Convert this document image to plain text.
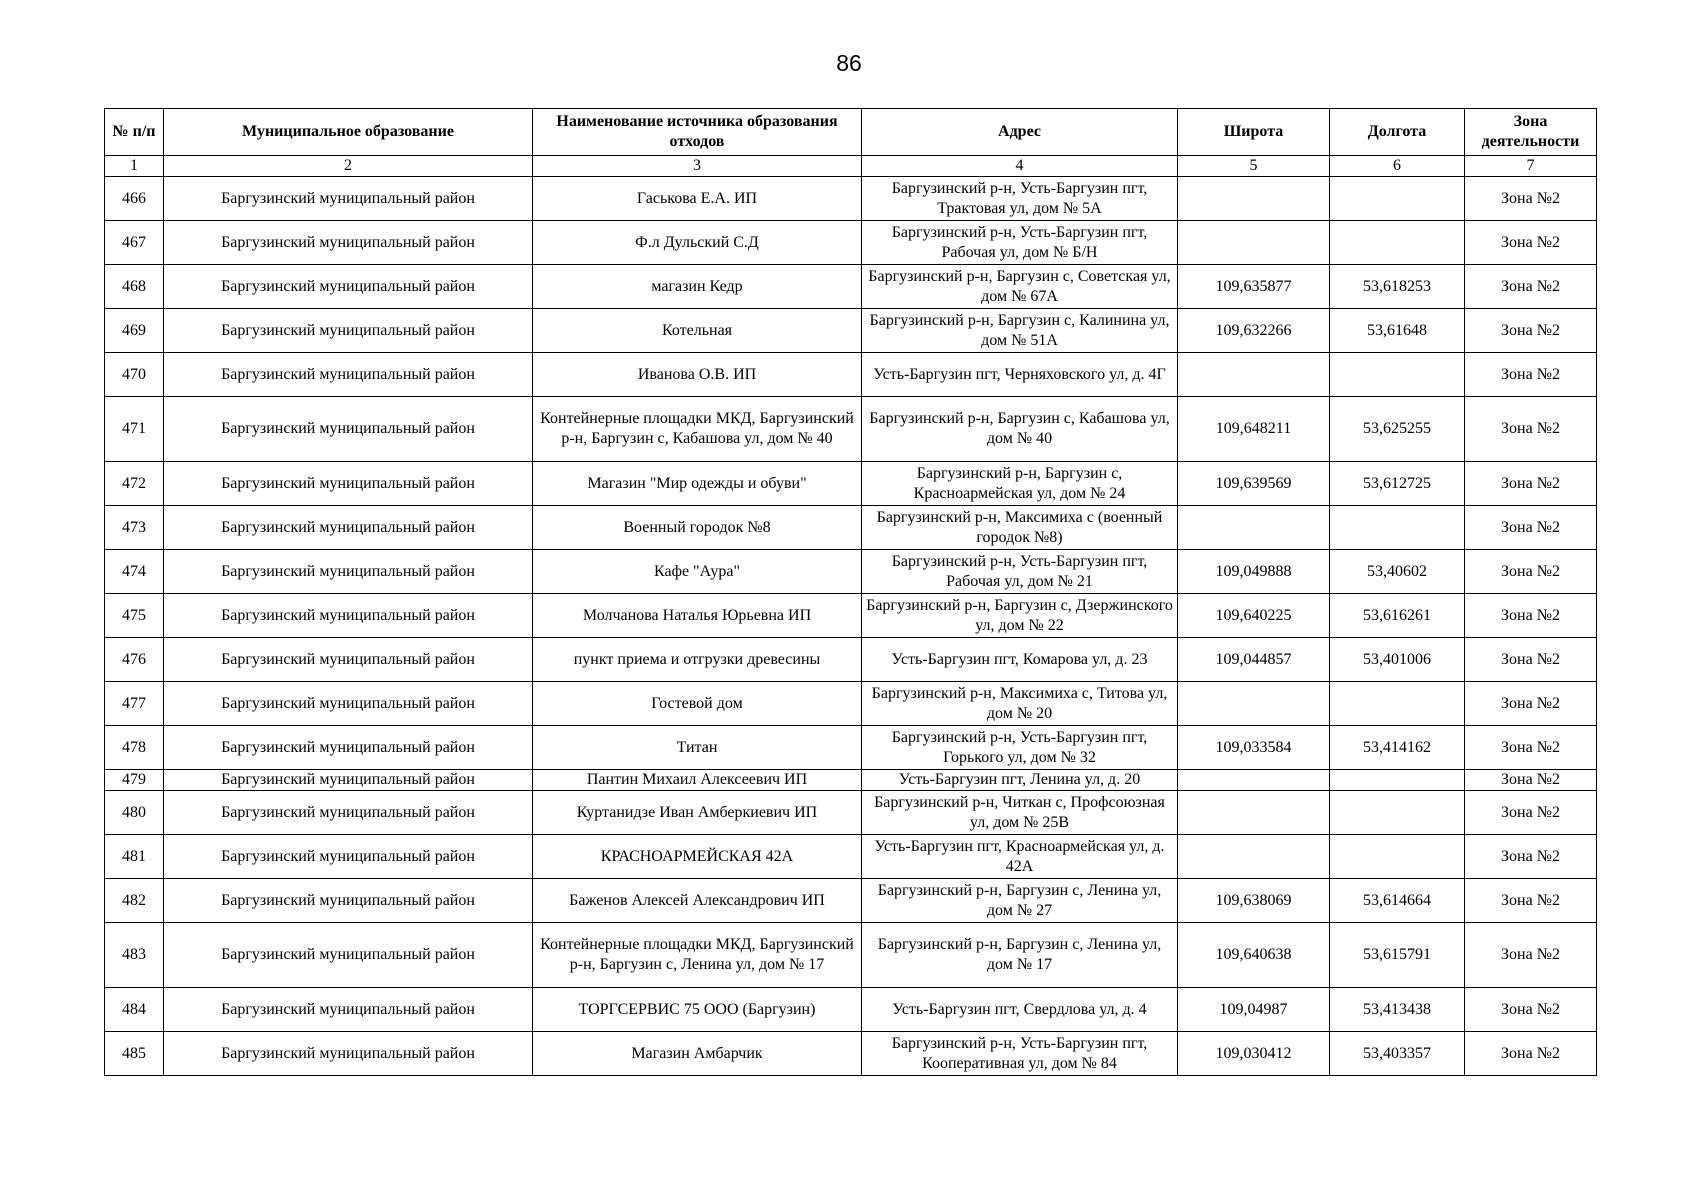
86
№ п/п	Муниципальное образование	Наименование источника образования отходов	Адрес	Широта	Долгота	Зона деятельности
1	2	3	4	5	6	7
466	Баргузинский муниципальный район	Гаськова Е.А. ИП	Баргузинский р-н, Усть-Баргузин пгт, Трактовая ул, дом № 5А			Зона №2
467	Баргузинский муниципальный район	Ф.л Дульский С.Д	Баргузинский р-н, Усть-Баргузин пгт, Рабочая ул, дом № Б/Н			Зона №2
468	Баргузинский муниципальный район	магазин Кедр	Баргузинский р-н, Баргузин с, Советская ул, дом № 67А	109,635877	53,618253	Зона №2
469	Баргузинский муниципальный район	Котельная	Баргузинский р-н, Баргузин с, Калинина ул, дом № 51А	109,632266	53,61648	Зона №2
470	Баргузинский муниципальный район	Иванова О.В. ИП	Усть-Баргузин пгт, Черняховского ул, д. 4Г			Зона №2
471	Баргузинский муниципальный район	Контейнерные площадки МКД, Баргузинский р-н, Баргузин с, Кабашова ул, дом № 40	Баргузинский р-н, Баргузин с, Кабашова ул, дом № 40	109,648211	53,625255	Зона №2
472	Баргузинский муниципальный район	Магазин "Мир одежды и обуви"	Баргузинский р-н, Баргузин с, Красноармейская ул, дом № 24	109,639569	53,612725	Зона №2
473	Баргузинский муниципальный район	Военный городок №8	Баргузинский р-н, Максимиха с (военный городок №8)			Зона №2
474	Баргузинский муниципальный район	Кафе "Аура"	Баргузинский р-н, Усть-Баргузин пгт, Рабочая ул, дом № 21	109,049888	53,40602	Зона №2
475	Баргузинский муниципальный район	Молчанова Наталья Юрьевна ИП	Баргузинский р-н, Баргузин с, Дзержинского ул, дом № 22	109,640225	53,616261	Зона №2
476	Баргузинский муниципальный район	пункт приема и отгрузки древесины	Усть-Баргузин пгт, Комарова ул, д. 23	109,044857	53,401006	Зона №2
477	Баргузинский муниципальный район	Гостевой дом	Баргузинский р-н, Максимиха с, Титова ул, дом № 20			Зона №2
478	Баргузинский муниципальный район	Титан	Баргузинский р-н, Усть-Баргузин пгт, Горького ул, дом № 32	109,033584	53,414162	Зона №2
479	Баргузинский муниципальный район	Пантин Михаил Алексеевич ИП	Усть-Баргузин пгт, Ленина ул, д. 20			Зона №2
480	Баргузинский муниципальный район	Куртанидзе Иван Амберкиевич ИП	Баргузинский р-н, Читкан с, Профсоюзная ул, дом № 25В			Зона №2
481	Баргузинский муниципальный район	КРАСНОАРМЕЙСКАЯ 42А	Усть-Баргузин пгт, Красноармейская ул, д. 42А			Зона №2
482	Баргузинский муниципальный район	Баженов Алексей Александрович ИП	Баргузинский р-н, Баргузин с, Ленина ул, дом № 27	109,638069	53,614664	Зона №2
483	Баргузинский муниципальный район	Контейнерные площадки МКД, Баргузинский р-н, Баргузин с, Ленина ул, дом № 17	Баргузинский р-н, Баргузин с, Ленина ул, дом № 17	109,640638	53,615791	Зона №2
484	Баргузинский муниципальный район	ТОРГСЕРВИС 75 ООО (Баргузин)	Усть-Баргузин пгт, Свердлова ул, д. 4	109,04987	53,413438	Зона №2
485	Баргузинский муниципальный район	Магазин Амбарчик	Баргузинский р-н, Усть-Баргузин пгт, Кооперативная ул, дом № 84	109,030412	53,403357	Зона №2
